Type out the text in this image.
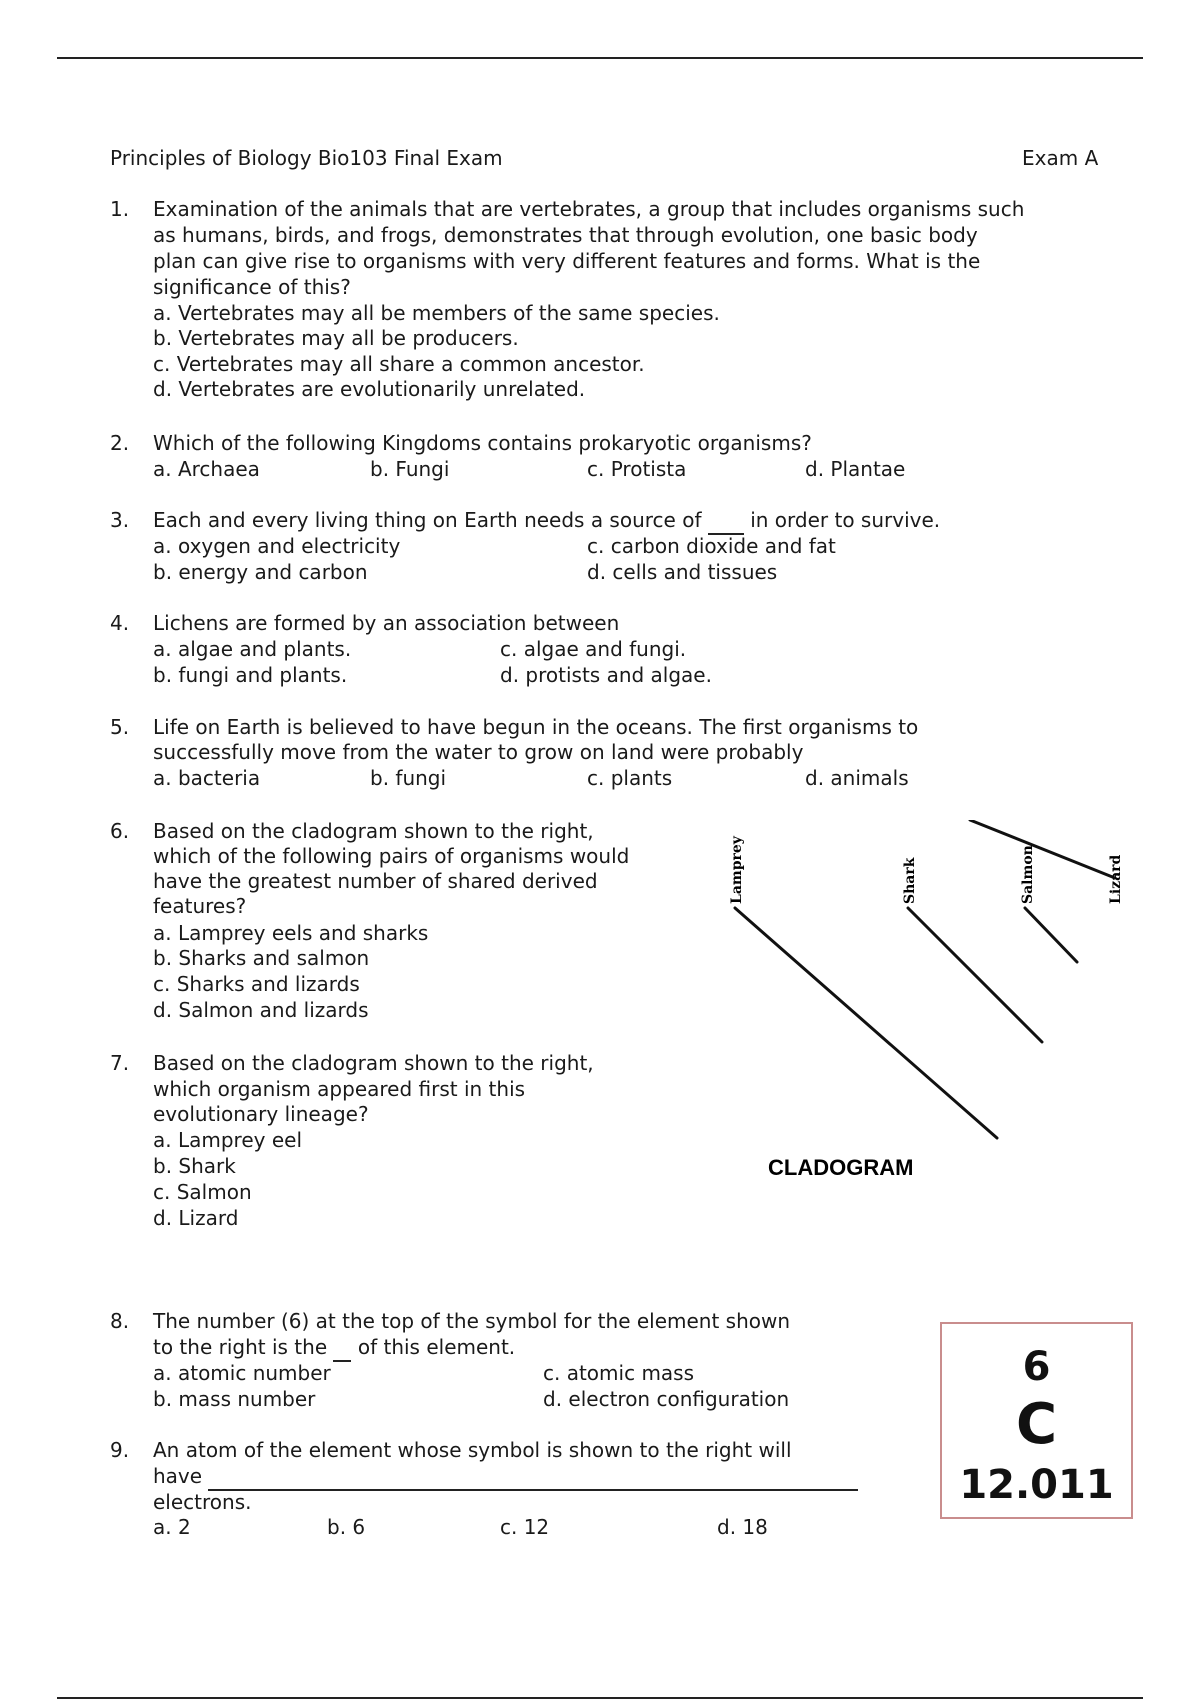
Principles of Biology Bio103 Final Exam	Exam A
1. Examination of the animals that are vertebrates, a group that includes organisms such
as humans, birds, and frogs, demonstrates that through evolution, one basic body
plan can give rise to organisms with very different features and forms. What is the
significance of this?
a. Vertebrates may all be members of the same species.
b. Vertebrates may all be producers.
c. Vertebrates may all share a common ancestor.
d. Vertebrates are evolutionarily unrelated.
2. Which of the following Kingdoms contains prokaryotic organisms?
a. Archaea	b. Fungi	c. Protista	d. Plantae
3. Each and every living thing on Earth needs a source of in order to survive.
a. oxygen and electricity	c. carbon dioxide and fat
b. energy and carbon	d. cells and tissues
4. Lichens are formed by an association between
a. algae and plants.	c. algae and fungi.
b. fungi and plants.	d. protists and algae.
5. Life on Earth is believed to have begun in the oceans. The first organisms to
successfully move from the water to grow on land were probably
a. bacteria	b. fungi	c. plants	d. animals
6. Based on the cladogram shown to the right,
which of the following pairs of organisms would
have the greatest number of shared derived
features?
a. Lamprey eels and sharks
b. Sharks and salmon
c. Sharks and lizards
d. Salmon and lizards
7. Based on the cladogram shown to the right,
which organism appeared first in this
evolutionary lineage?
a. Lamprey eel
b. Shark
c. Salmon
d. Lizard
Lamprey	Shark	Salmon	Lizard
CLADOGRAM
8. The number (6) at the top of the symbol for the element shown
to the right is the of this element.
a. atomic number	c. atomic mass
b. mass number	d. electron configuration
9. An atom of the element whose symbol is shown to the right will
have
electrons.
a. 2	b. 6	c. 12	d. 18
6
C
12.011
